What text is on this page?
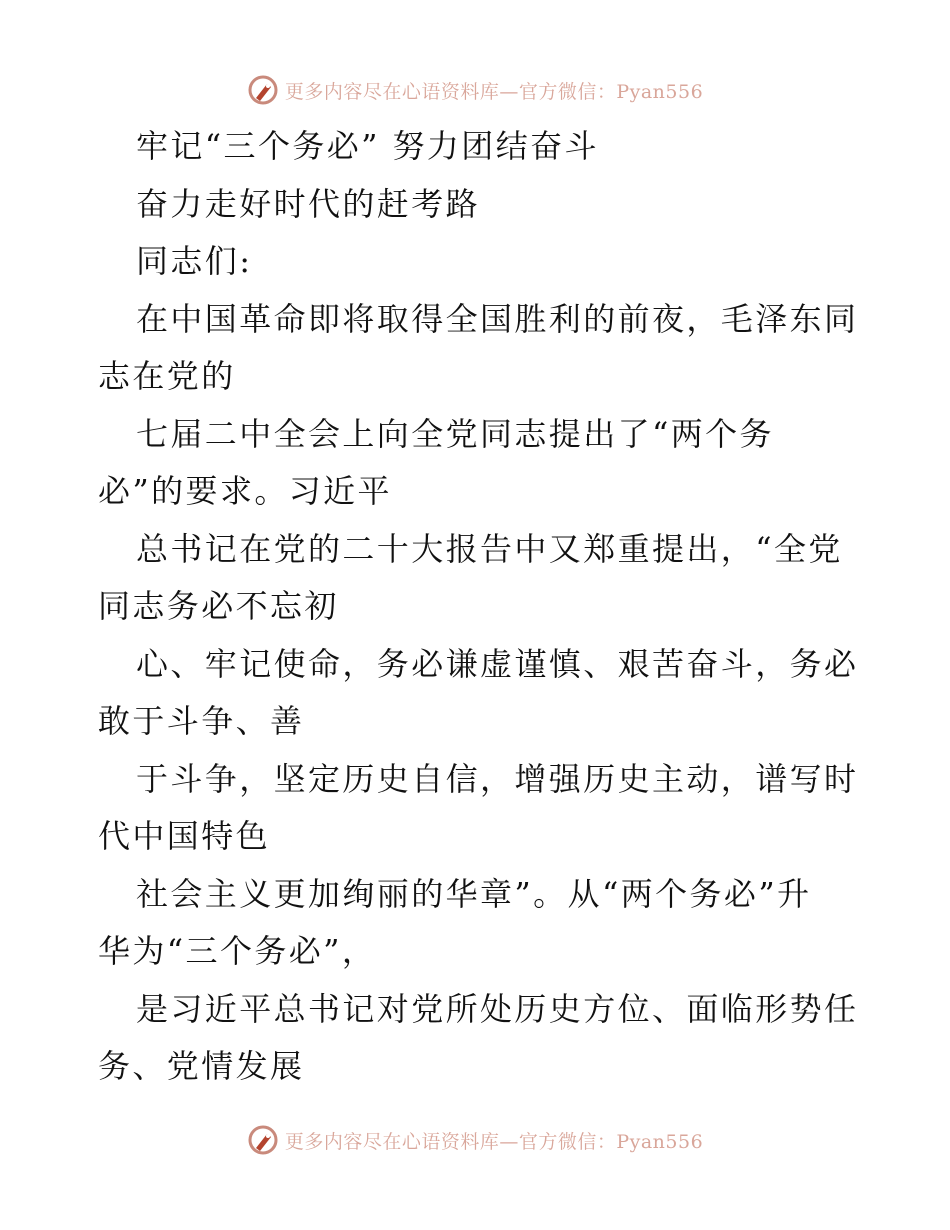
更多内容尽在心语资料库—官方微信：Pyan556
牢记“三个务必” 努力团结奋斗
奋力走好时代的赶考路
同志们:
在中国革命即将取得全国胜利的前夜，毛泽东同
志在党的
七届二中全会上向全党同志提出了“两个务
必”的要求。习近平
总书记在党的二十大报告中又郑重提出，“全党
同志务必不忘初
心、牢记使命，务必谦虚谨慎、艰苦奋斗，务必
敢于斗争、善
于斗争，坚定历史自信，增强历史主动，谱写时
代中国特色
社会主义更加绚丽的华章”。从“两个务必”升
华为“三个务必”，
是习近平总书记对党所处历史方位、面临形势任
务、党情发展
更多内容尽在心语资料库—官方微信：Pyan556
